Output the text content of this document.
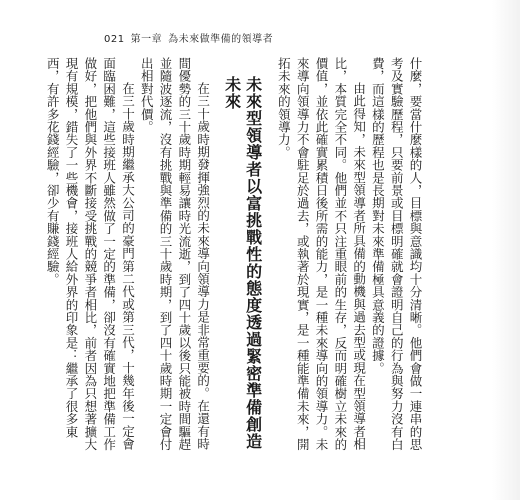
021 第一章 為未來做準備的領導者

什麼，要當什麼樣的人，目標與意識均十分清晰。他們會做一連串的思考及實驗歷程，只要前景或目標明確就會證明自己的行為與努力沒有白費，而這樣的歷程也是長期對未來準備極具意義的證據。

由此得知，未來型領導者所具備的動機與過去型或現在型領導者相比，本質完全不同。他們並不只注重眼前的生存，反而明確樹立未來的價值，並依此確實累積日後所需的能力，是一種未來導向的領導力。未來導向領導力不會駐足於過去，或執著於現實，是一種能準備未來，開拓未來的領導力。

未來型領導者以富挑戰性的態度透過緊密準備創造未來

在三十歲時期發揮強烈的未來導向領導力是非常重要的。在還有時間優勢的三十歲時期輕易讓時光流逝，到了四十歲以後只能被時間驅趕並隨波逐流，沒有挑戰與準備的三十歲時期，到了四十歲時期一定會付出相對代價。

在三十歲時期繼承大公司的豪門第二代或第三代，十幾年後一定會面臨困難，這些接班人雖然做了一定的準備，卻沒有確實地把準備工作做好，把他們與外界不斷接受挑戰的競爭者相比，前者因為只想著擴大現有規模，錯失了一些機會，接班人給外界的印象是：繼承了很多東西，有許多花錢經驗，卻少有賺錢經驗。
